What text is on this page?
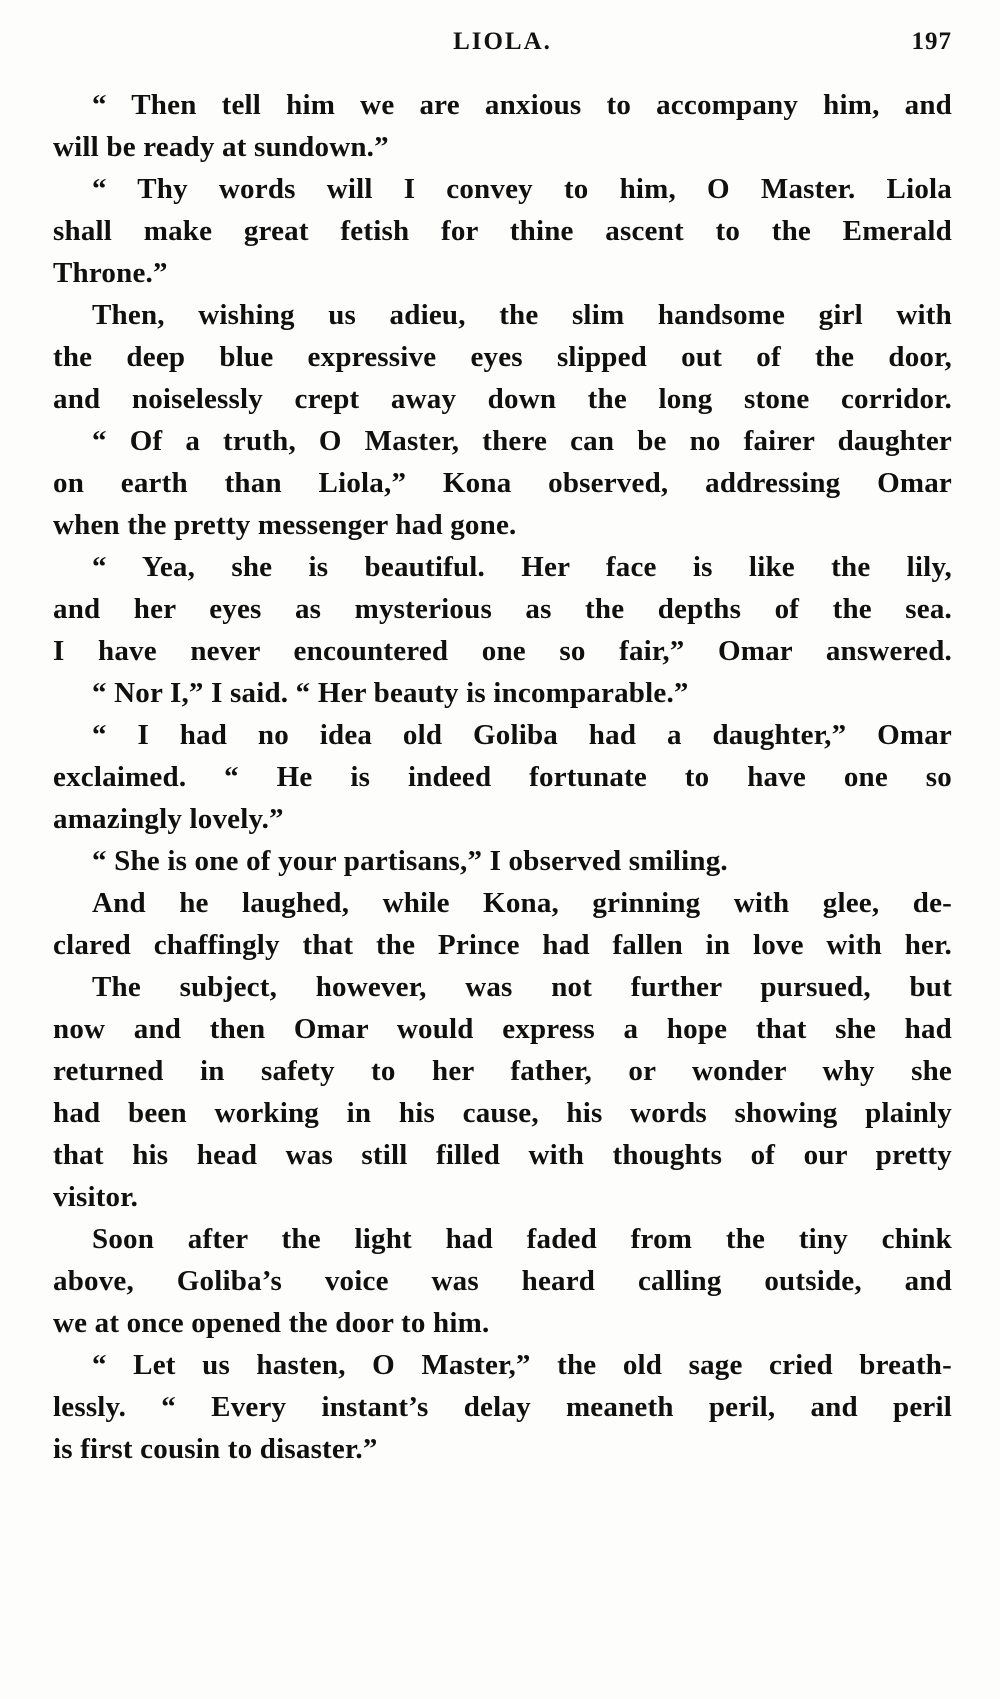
LIOLA.	197

“ Then tell him we are anxious to accompany him, and
will be ready at sundown.”

“ Thy words will I convey to him, O Master. Liola
shall make great fetish for thine ascent to the Emerald
Throne.”

Then, wishing us adieu, the slim handsome girl with
the deep blue expressive eyes slipped out of the door,
and noiselessly crept away down the long stone corridor.

“ Of a truth, O Master, there can be no fairer daughter
on earth than Liola,” Kona observed, addressing Omar
when the pretty messenger had gone.

“ Yea, she is beautiful. Her face is like the lily,
and her eyes as mysterious as the depths of the sea.
I have never encountered one so fair,” Omar answered.

“ Nor I,” I said. “ Her beauty is incomparable.”

“ I had no idea old Goliba had a daughter,” Omar
exclaimed. “ He is indeed fortunate to have one so
amazingly lovely.”

“ She is one of your partisans,” I observed smiling.

And he laughed, while Kona, grinning with glee, de-
clared chaffingly that the Prince had fallen in love with her.

The subject, however, was not further pursued, but
now and then Omar would express a hope that she had
returned in safety to her father, or wonder why she
had been working in his cause, his words showing plainly
that his head was still filled with thoughts of our pretty
visitor.

Soon after the light had faded from the tiny chink
above, Goliba’s voice was heard calling outside, and
we at once opened the door to him.

“ Let us hasten, O Master,” the old sage cried breath-
lessly. “ Every instant’s delay meaneth peril, and peril
is first cousin to disaster.”
